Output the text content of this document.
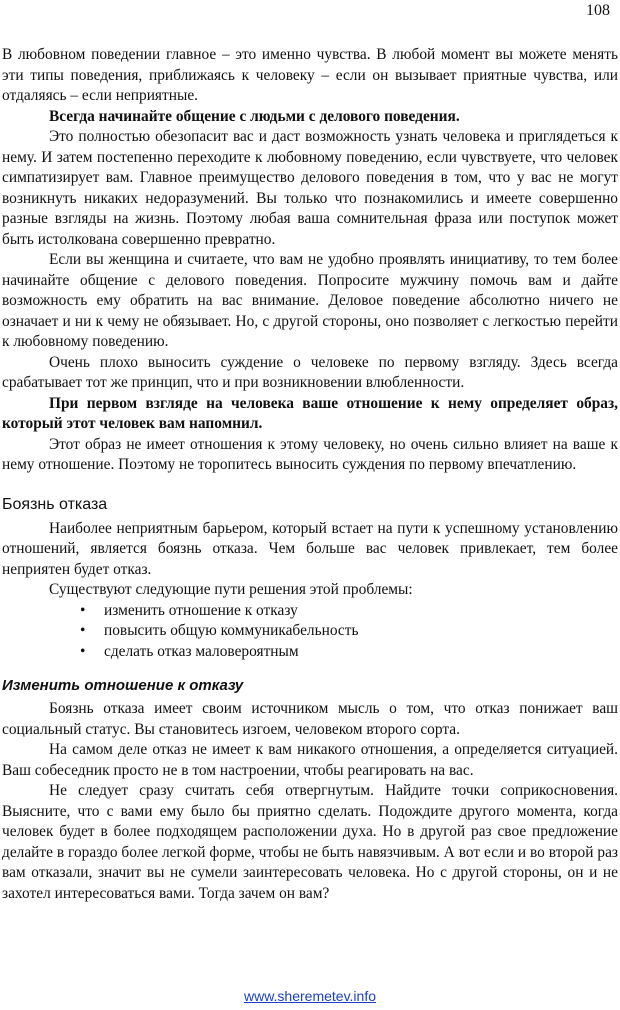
108

В любовном поведении главное – это именно чувства. В любой момент вы можете менять эти типы поведения, приближаясь к человеку – если он вызывает приятные чувства, или отдаляясь – если неприятные.

Всегда начинайте общение с людьми с делового поведения.

Это полностью обезопасит вас и даст возможность узнать человека и приглядеться к нему. И затем постепенно переходите к любовному поведению, если чувствуете, что человек симпатизирует вам. Главное преимущество делового поведения в том, что у вас не могут возникнуть никаких недоразумений. Вы только что познакомились и имеете совершенно разные взгляды на жизнь. Поэтому любая ваша сомнительная фраза или поступок может быть истолкована совершенно превратно.

Если вы женщина и считаете, что вам не удобно проявлять инициативу, то тем более начинайте общение с делового поведения. Попросите мужчину помочь вам и дайте возможность ему обратить на вас внимание. Деловое поведение абсолютно ничего не означает и ни к чему не обязывает. Но, с другой стороны, оно позволяет с легкостью перейти к любовному поведению.

Очень плохо выносить суждение о человеке по первому взгляду. Здесь всегда срабатывает тот же принцип, что и при возникновении влюбленности.

При первом взгляде на человека ваше отношение к нему определяет образ, который этот человек вам напомнил.

Этот образ не имеет отношения к этому человеку, но очень сильно влияет на ваше к нему отношение. Поэтому не торопитесь выносить суждения по первому впечатлению.

Боязнь отказа

Наиболее неприятным барьером, который встает на пути к успешному установлению отношений, является боязнь отказа. Чем больше вас человек привлекает, тем более неприятен будет отказ.

Существуют следующие пути решения этой проблемы:

• изменить отношение к отказу
• повысить общую коммуникабельность
• сделать отказ маловероятным

Изменить отношение к отказу

Боязнь отказа имеет своим источником мысль о том, что отказ понижает ваш социальный статус. Вы становитесь изгоем, человеком второго сорта.

На самом деле отказ не имеет к вам никакого отношения, а определяется ситуацией. Ваш собеседник просто не в том настроении, чтобы реагировать на вас.

Не следует сразу считать себя отвергнутым. Найдите точки соприкосновения. Выясните, что с вами ему было бы приятно сделать. Подождите другого момента, когда человек будет в более подходящем расположении духа. Но в другой раз свое предложение делайте в гораздо более легкой форме, чтобы не быть навязчивым. А вот если и во второй раз вам отказали, значит вы не сумели заинтересовать человека. Но с другой стороны, он и не захотел интересоваться вами. Тогда зачем он вам?

www.sheremetev.info
